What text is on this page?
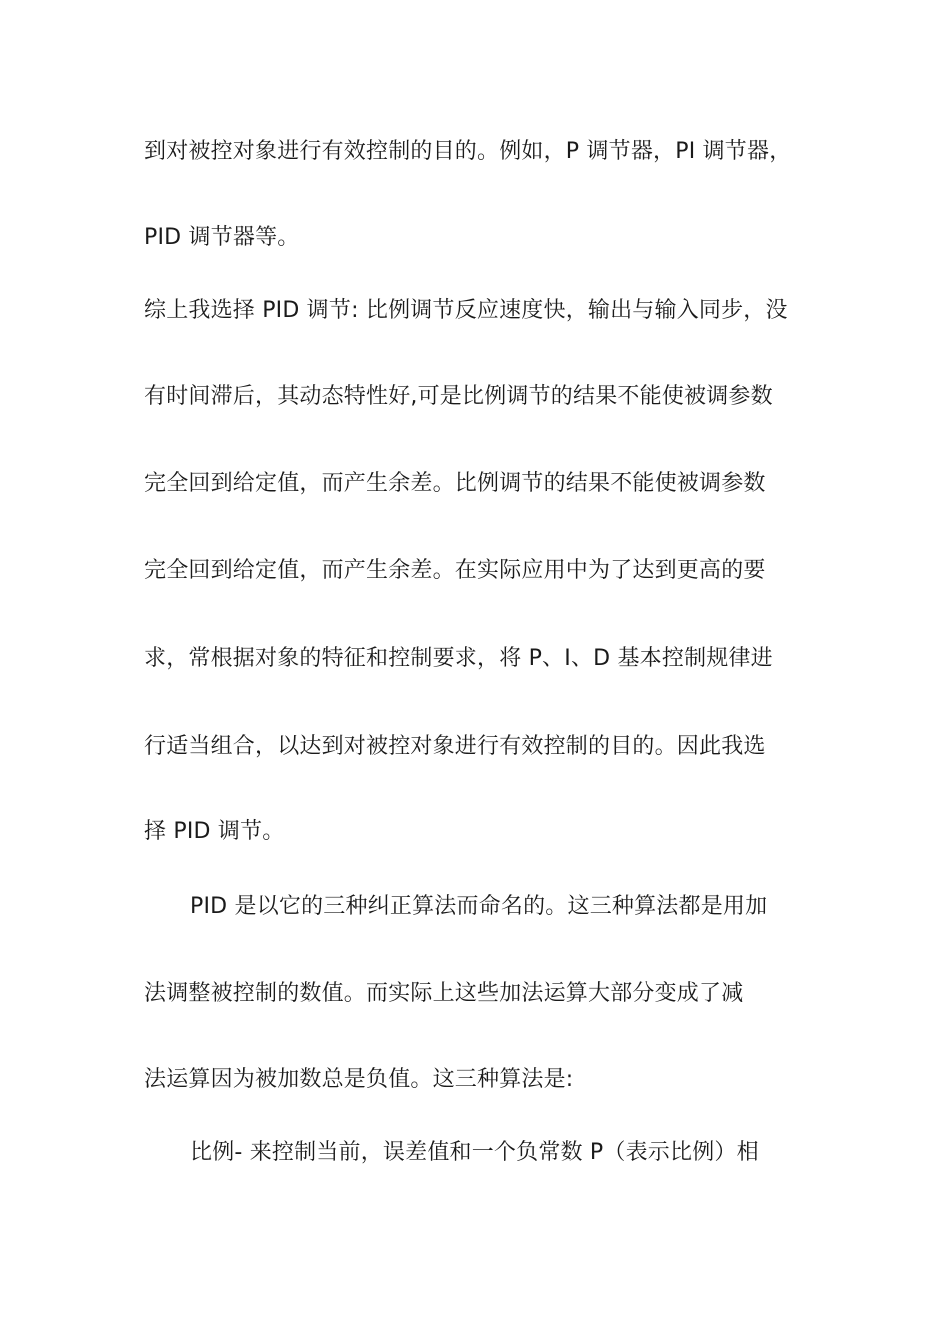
到对被控对象进行有效控制的目的。例如，P 调节器，PI 调节器，
PID 调节器等。
综上我选择 PID 调节: 比例调节反应速度快，输出与输入同步，没
有时间滞后，其动态特性好,可是比例调节的结果不能使被调参数
完全回到给定值，而产生余差。比例调节的结果不能使被调参数
完全回到给定值，而产生余差。在实际应用中为了达到更高的要
求，常根据对象的特征和控制要求，将 P、I、D 基本控制规律进
行适当组合，以达到对被控对象进行有效控制的目的。因此我选
择 PID 调节。
PID 是以它的三种纠正算法而命名的。这三种算法都是用加
法调整被控制的数值。而实际上这些加法运算大部分变成了减
法运算因为被加数总是负值。这三种算法是:
比例- 来控制当前，误差值和一个负常数 P（表示比例）相
